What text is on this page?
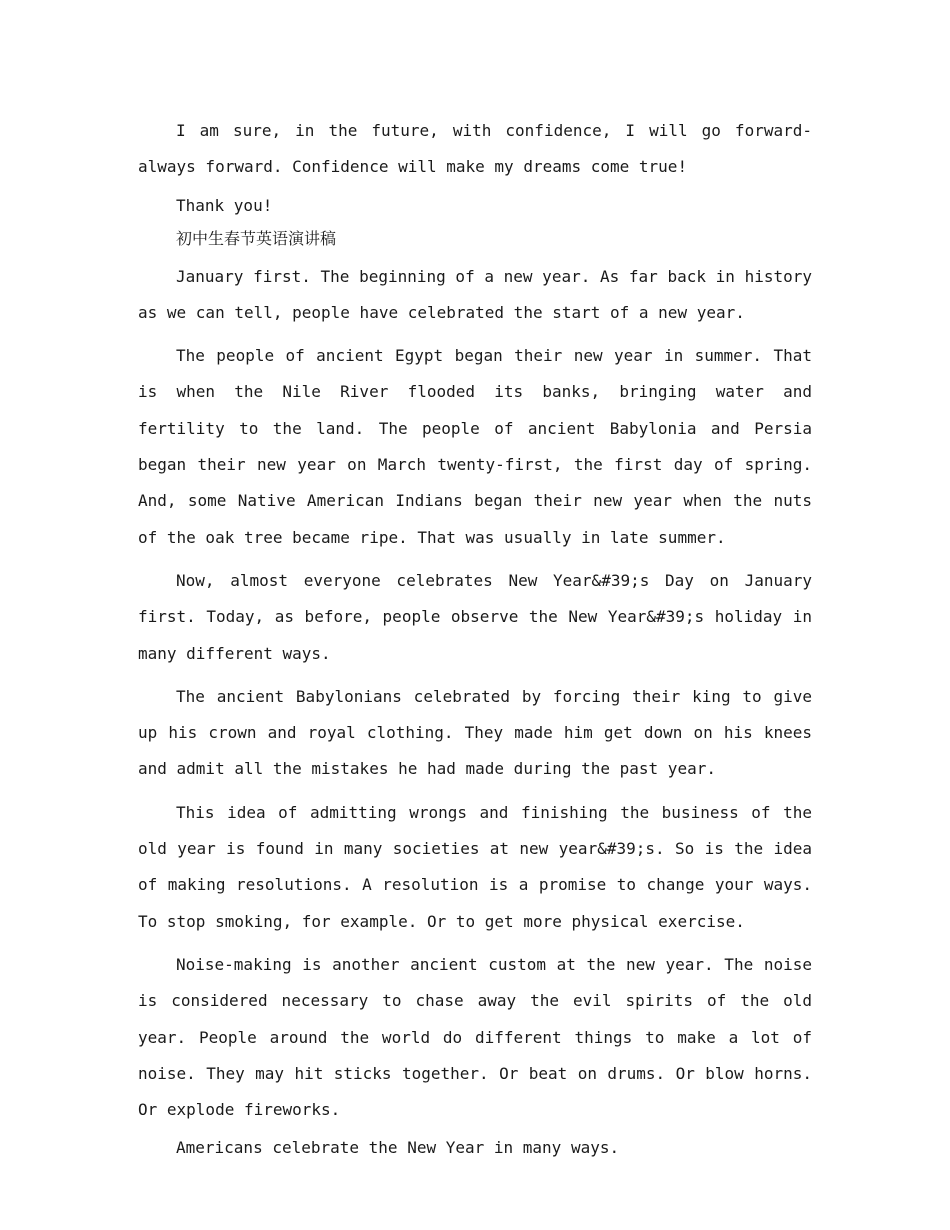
I am sure, in the future, with confidence, I will go forward-always forward. Confidence will make my dreams come true!

Thank you!

初中生春节英语演讲稿

January first. The beginning of a new year. As far back in history as we can tell, people have celebrated the start of a new year.

The people of ancient Egypt began their new year in summer. That is when the Nile River flooded its banks, bringing water and fertility to the land. The people of ancient Babylonia and Persia began their new year on March twenty-first, the first day of spring. And, some Native American Indians began their new year when the nuts of the oak tree became ripe. That was usually in late summer.

Now, almost everyone celebrates New Year&#39;s Day on January first. Today, as before, people observe the New Year&#39;s holiday in many different ways.

The ancient Babylonians celebrated by forcing their king to give up his crown and royal clothing. They made him get down on his knees and admit all the mistakes he had made during the past year.

This idea of admitting wrongs and finishing the business of the old year is found in many societies at new year&#39;s. So is the idea of making resolutions. A resolution is a promise to change your ways. To stop smoking, for example. Or to get more physical exercise.

Noise-making is another ancient custom at the new year. The noise is considered necessary to chase away the evil spirits of the old year. People around the world do different things to make a lot of noise. They may hit sticks together. Or beat on drums. Or blow horns. Or explode fireworks.

Americans celebrate the New Year in many ways.
